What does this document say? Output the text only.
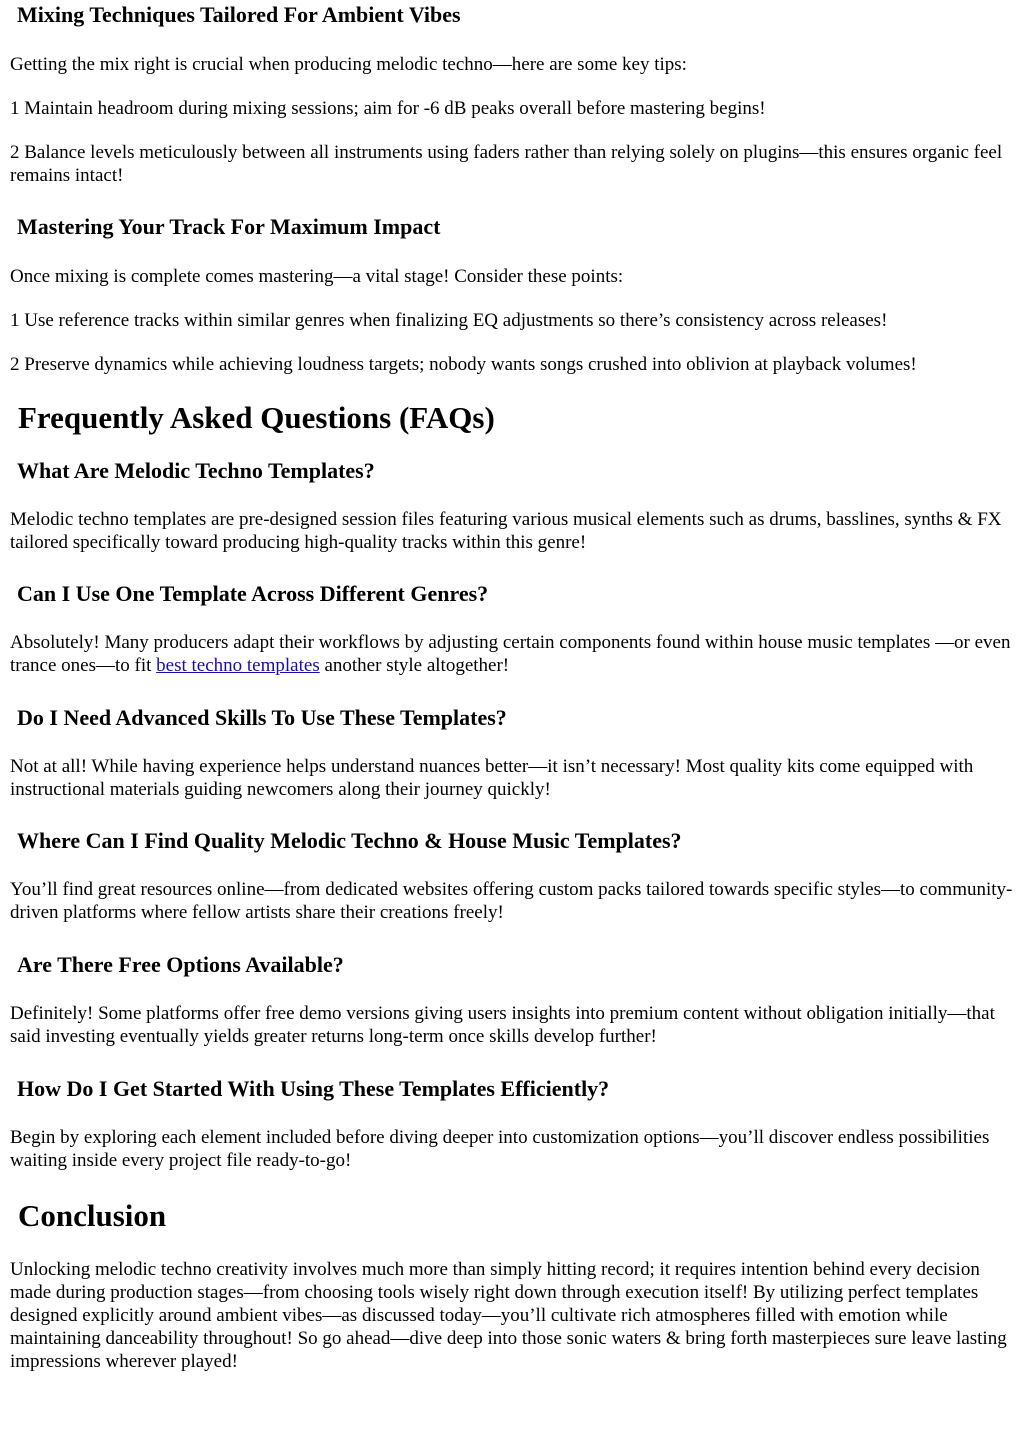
Mixing Techniques Tailored For Ambient Vibes

Getting the mix right is crucial when producing melodic techno—here are some key tips:

1 Maintain headroom during mixing sessions; aim for -6 dB peaks overall before mastering begins!

2 Balance levels meticulously between all instruments using faders rather than relying solely on plugins—this ensures organic feel remains intact!

Mastering Your Track For Maximum Impact

Once mixing is complete comes mastering—a vital stage! Consider these points:

1 Use reference tracks within similar genres when finalizing EQ adjustments so there’s consistency across releases!

2 Preserve dynamics while achieving loudness targets; nobody wants songs crushed into oblivion at playback volumes!

Frequently Asked Questions (FAQs)
What Are Melodic Techno Templates?

Melodic techno templates are pre-designed session files featuring various musical elements such as drums, basslines, synths & FX tailored specifically toward producing high-quality tracks within this genre!

Can I Use One Template Across Different Genres?

Absolutely! Many producers adapt their workflows by adjusting certain components found within house music templates —or even trance ones—to fit best techno templates another style altogether!

Do I Need Advanced Skills To Use These Templates?

Not at all! While having experience helps understand nuances better—it isn’t necessary! Most quality kits come equipped with instructional materials guiding newcomers along their journey quickly!

Where Can I Find Quality Melodic Techno & House Music Templates?

You’ll find great resources online—from dedicated websites offering custom packs tailored towards specific styles—to community-driven platforms where fellow artists share their creations freely!

Are There Free Options Available?

Definitely! Some platforms offer free demo versions giving users insights into premium content without obligation initially—that said investing eventually yields greater returns long-term once skills develop further!

How Do I Get Started With Using These Templates Efficiently?

Begin by exploring each element included before diving deeper into customization options—you’ll discover endless possibilities waiting inside every project file ready-to-go!

Conclusion

Unlocking melodic techno creativity involves much more than simply hitting record; it requires intention behind every decision made during production stages—from choosing tools wisely right down through execution itself! By utilizing perfect templates designed explicitly around ambient vibes—as discussed today—you’ll cultivate rich atmospheres filled with emotion while maintaining danceability throughout! So go ahead—dive deep into those sonic waters & bring forth masterpieces sure leave lasting impressions wherever played!
